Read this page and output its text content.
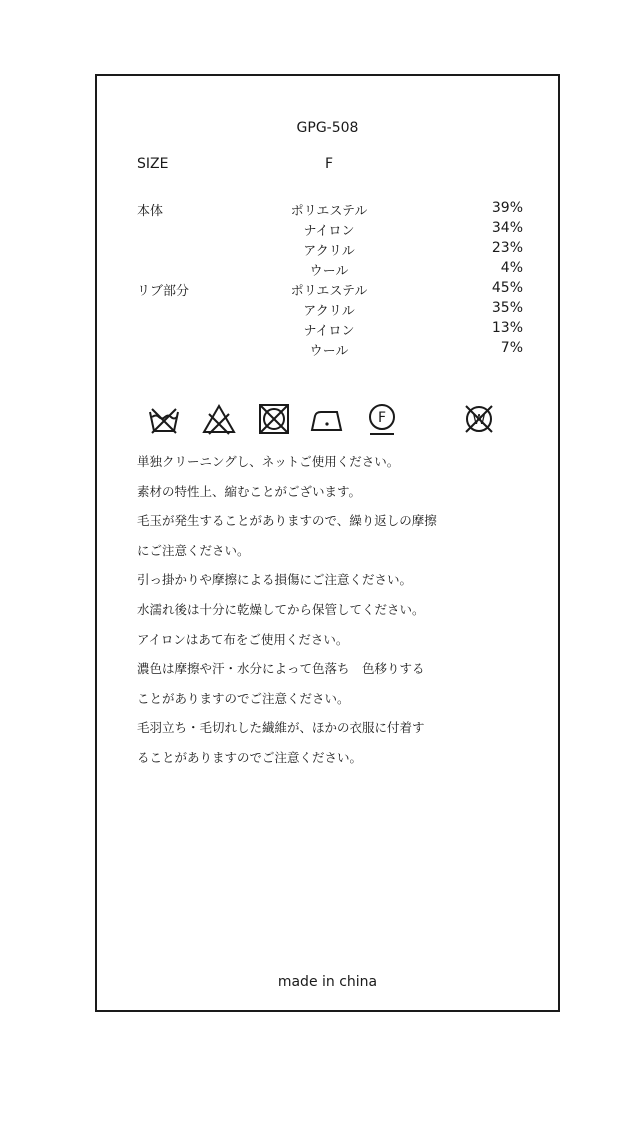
GPG-508
SIZE	F
本体	ポリエステル	39%
ナイロン	34%
アクリル	23%
ウール	4%
リブ部分	ポリエステル	45%
アクリル	35%
ナイロン	13%
ウール	7%
F	W
単独クリーニングし、ネットご使用ください。
素材の特性上、縮むことがございます。
毛玉が発生することがありますので、繰り返しの摩擦
にご注意ください。
引っ掛かりや摩擦による損傷にご注意ください。
水濡れ後は十分に乾燥してから保管してください。
アイロンはあて布をご使用ください。
濃色は摩擦や汗・水分によって色落ち　色移りする
ことがありますのでご注意ください。
毛羽立ち・毛切れした繊維が、ほかの衣服に付着す
ることがありますのでご注意ください。
made in china
